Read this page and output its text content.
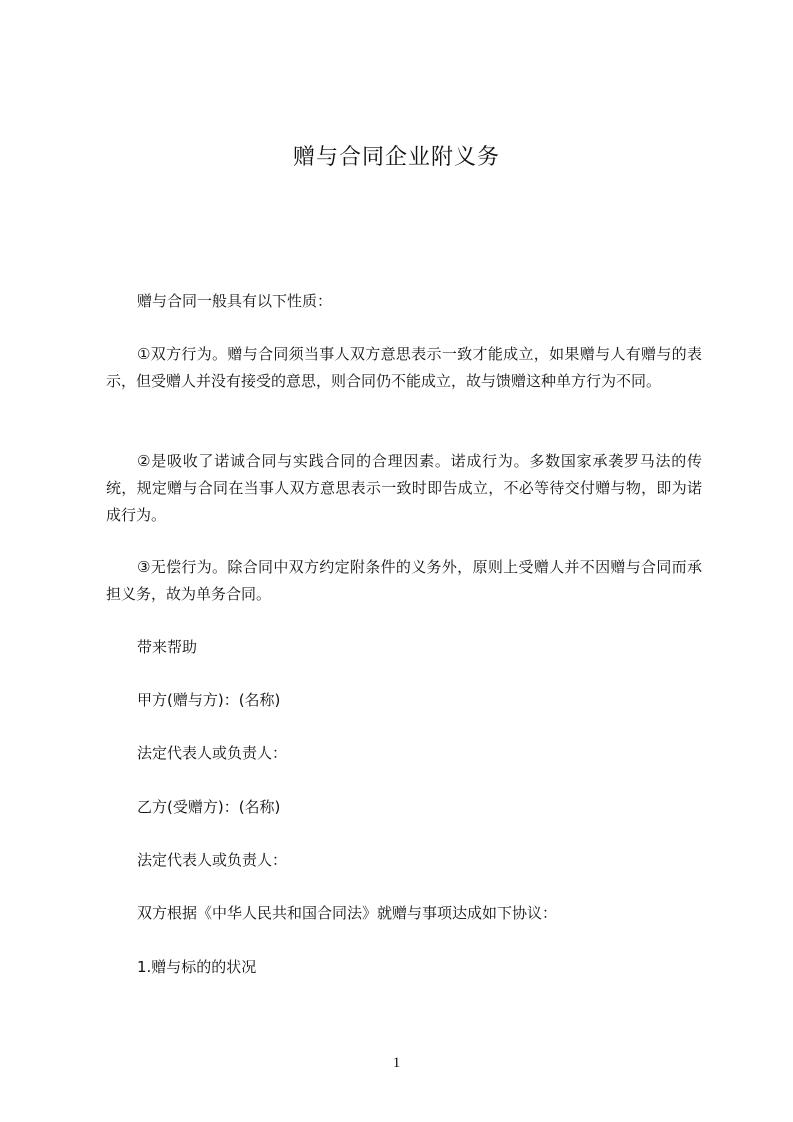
赠与合同企业附义务

赠与合同一般具有以下性质：

①双方行为。赠与合同须当事人双方意思表示一致才能成立，如果赠与人有赠与的表示，但受赠人并没有接受的意思，则合同仍不能成立，故与馈赠这种单方行为不同。

②是吸收了诺诚合同与实践合同的合理因素。诺成行为。多数国家承袭罗马法的传统，规定赠与合同在当事人双方意思表示一致时即告成立，不必等待交付赠与物，即为诺成行为。

③无偿行为。除合同中双方约定附条件的义务外，原则上受赠人并不因赠与合同而承担义务，故为单务合同。

带来帮助

甲方(赠与方)：(名称)

法定代表人或负责人：

乙方(受赠方)：(名称)

法定代表人或负责人：

双方根据《中华人民共和国合同法》就赠与事项达成如下协议：

1.赠与标的的状况

1
